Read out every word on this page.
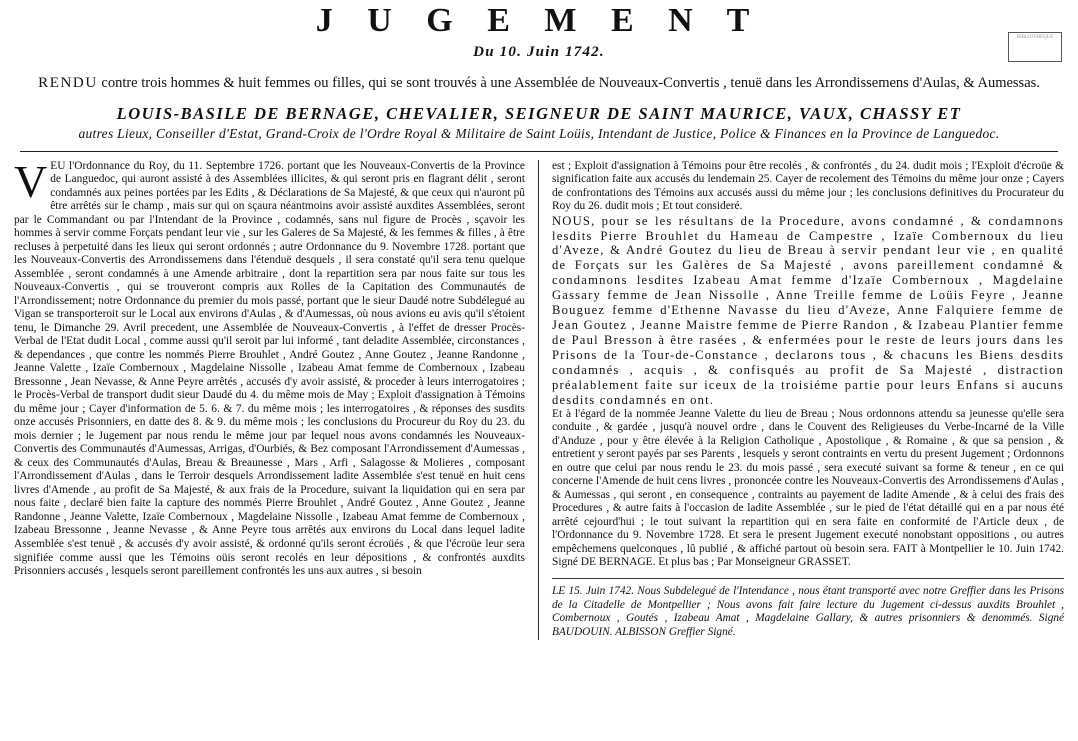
BIBLIOTHEQUE
J U G E M E N T
Du 10. Juin 1742.
RENDU contre trois hommes & huit femmes ou filles, qui se sont trouvés à une Assemblée de Nouveaux-Convertis , tenuë dans les Arrondissemens d'Aulas, & Aumessas.
LOUIS-BASILE DE BERNAGE, CHEVALIER, SEIGNEUR DE SAINT MAURICE, VAUX, CHASSY ET
autres Lieux, Conseiller d'Estat, Grand-Croix de l'Ordre Royal & Militaire de Saint Loüis, Intendant de Justice, Police & Finances en la Province de Languedoc.

VEU l'Ordonnance du Roy, du 11. Septembre 1726. portant que les Nouveaux-Convertis de la Province de Languedoc, qui auront assisté à des Assemblées illicites, & qui seront pris en flagrant délit , seront condamnés aux peines portées par les Edits , & Déclarations de Sa Majesté, & que ceux qui n'auront pû être arrêtés sur le champ , mais sur qui on sçaura néantmoins avoir assisté auxdites Assemblées, seront par le Commandant ou par l'Intendant de la Province , codamnés, sans nul figure de Procès , sçavoir les hommes à servir comme Forçats pendant leur vie , sur les Galeres de Sa Majesté, & les femmes & filles , à être recluses à perpetuité dans les lieux qui seront ordonnés ; autre Ordonnance du 9. Novembre 1728. portant que les Nouveaux-Convertis des Arrondissemens dans l'étenduë desquels , il sera constaté qu'il sera tenu quelque Assemblée , seront condamnés à une Amende arbitraire , dont la repartition sera par nous faite sur tous les Nouveaux-Convertis , qui se trouveront compris aux Rolles de la Capitation des Communautés de l'Arrondissement; notre Ordonnance du premier du mois passé, portant que le sieur Daudé notre Subdélegué au Vigan se transporteroit sur le Local aux environs d'Aulas , & d'Aumessas, où nous avions eu avis qu'il s'étoient tenu, le Dimanche 29. Avril precedent, une Assemblée de Nouveaux-Convertis , à l'effet de dresser Procès-Verbal de l'Etat dudit Local , comme aussi qu'il seroit par lui informé , tant deladite Assemblée, circonstances , & dependances , que contre les nommés Pierre Brouhlet , André Goutez , Anne Goutez , Jeanne Randonne , Jeanne Valette , Izaïe Combernoux , Magdelaine Nissolle , Izabeau Amat femme de Combernoux , Izabeau Bressonne , Jean Nevasse, & Anne Peyre arrêtés , accusés d'y avoir assisté, & proceder à leurs interrogatoires ; le Procès-Verbal de transport dudit sieur Daudé du 4. du même mois de May ; Exploit d'assignation à Témoins du même jour ; Cayer d'information de 5. 6. & 7. du même mois ; les interrogatoires , & réponses des susdits onze accusés Prisonniers, en datte des 8. & 9. du même mois ; les conclusions du Procureur du Roy du 23. du mois dernier ; le Jugement par nous rendu le même jour par lequel nous avons condamnés les Nouveaux-Convertis des Communautés d'Aumessas, Arrigas, d'Ourbiés, & Bez composant l'Arrondissement d'Aumessas , & ceux des Communautés d'Aulas, Breau & Breaunesse , Mars , Arfi , Salagosse & Molieres , composant l'Arrondissement d'Aulas , dans le Terroir desquels Arrondissement ladite Assemblée s'est tenuë en huit cens livres d'Amende , au profit de Sa Majesté, & aux frais de la Procedure, suivant la liquidation qui en sera par nous faite , declaré bien faite la capture des nommés Pierre Brouhlet , André Goutez , Anne Goutez , Jeanne Randonne , Jeanne Valette, Izaïe Combernoux , Magdelaine Nissolle , Izabeau Amat femme de Combernoux , Izabeau Bressonne , Jeanne Nevasse , & Anne Peyre tous arrêtés aux environs du Local dans lequel ladite Assemblée s'est tenuë , & accusés d'y avoir assisté, & ordonné qu'ils seront écroüés , & que l'écroüe leur sera signifiée comme aussi que les Témoins oüis seront recolés en leur dépositions , & confrontés auxdits Prisonniers accusés , lesquels seront pareillement confrontés les uns aux autres , si besoin

est ; Exploit d'assignation à Témoins pour être recolés , & confrontés , du 24. dudit mois ; l'Exploit d'écroüe & signification faite aux accusés du lendemain 25. Cayer de recolement des Témoins du même jour onze ; Cayers de confrontations des Témoins aux accusés aussi du même jour ; les conclusions definitives du Procurateur du Roy du 26. dudit mois ; Et tout consideré.

NOUS, pour se les résultans de la Procedure, avons condamné , & condamnons lesdits Pierre Brouhlet du Hameau de Campestre , Izaïe Combernoux du lieu d'Aveze, & André Goutez du lieu de Breau à servir pendant leur vie , en qualité de Forçats sur les Galères de Sa Majesté , avons pareillement condamné & condamnons lesdites Izabeau Amat femme d'Izaïe Combernoux , Magdelaine Gassary femme de Jean Nissolle , Anne Treille femme de Loüis Feyre , Jeanne Bouguez femme d'Ethenne Navasse du lieu d'Aveze, Anne Falquiere femme de Jean Goutez , Jeanne Maistre femme de Pierre Randon , & Izabeau Plantier femme de Paul Bresson à être rasées , & enfermées pour le reste de leurs jours dans les Prisons de la Tour-de-Constance , declarons tous , & chacuns les Biens desdits condamnés , acquis , & confisqués au profit de Sa Majesté , distraction préalablement faite sur iceux de la troisiéme partie pour leurs Enfans si aucuns desdits condamnés en ont.

Et à l'égard de la nommée Jeanne Valette du lieu de Breau ; Nous ordonnons attendu sa jeunesse qu'elle sera conduite , & gardée , jusqu'à nouvel ordre , dans le Couvent des Religieuses du Verbe-Incarné de la Ville d'Anduze , pour y être élevée à la Religion Catholique , Apostolique , & Romaine , & que sa pension , & entretient y seront payés par ses Parents , lesquels y seront contraints en vertu du present Jugement ; Ordonnons en outre que celui par nous rendu le 23. du mois passé , sera executé suivant sa forme & teneur , en ce qui concerne l'Amende de huit cens livres , prononcée contre les Nouveaux-Convertis des Arrondissemens d'Aulas , & Aumessas , qui seront , en consequence , contraints au payement de ladite Amende , & à celui des frais des Procedures , & autre faits à l'occasion de ladite Assemblée , sur le pied de l'état détaillé qui en a par nous été arrêté cejourd'hui ; le tout suivant la repartition qui en sera faite en conformité de l'Article deux , de l'Ordonnance du 9. Novembre 1728. Et sera le present Jugement executé nonobstant oppositions , ou autres empêchemens quelconques , lû publié , & affiché partout où besoin sera. FAIT à Montpellier le 10. Juin 1742. Signé DE BERNAGE. Et plus bas ; Par Monseigneur GRASSET.

LE 15. Juin 1742. Nous Subdelegué de l'Intendance , nous étant transporté avec notre Greffier dans les Prisons de la Citadelle de Montpellier ; Nous avons fait faire lecture du Jugement ci-dessus auxdits Brouhlet , Combernoux , Goutés , Izabeau Amat , Magdelaine Gallary, & autres prisonniers & denommés. Signé BAUDOUIN. ALBISSON Greffier Signé.
